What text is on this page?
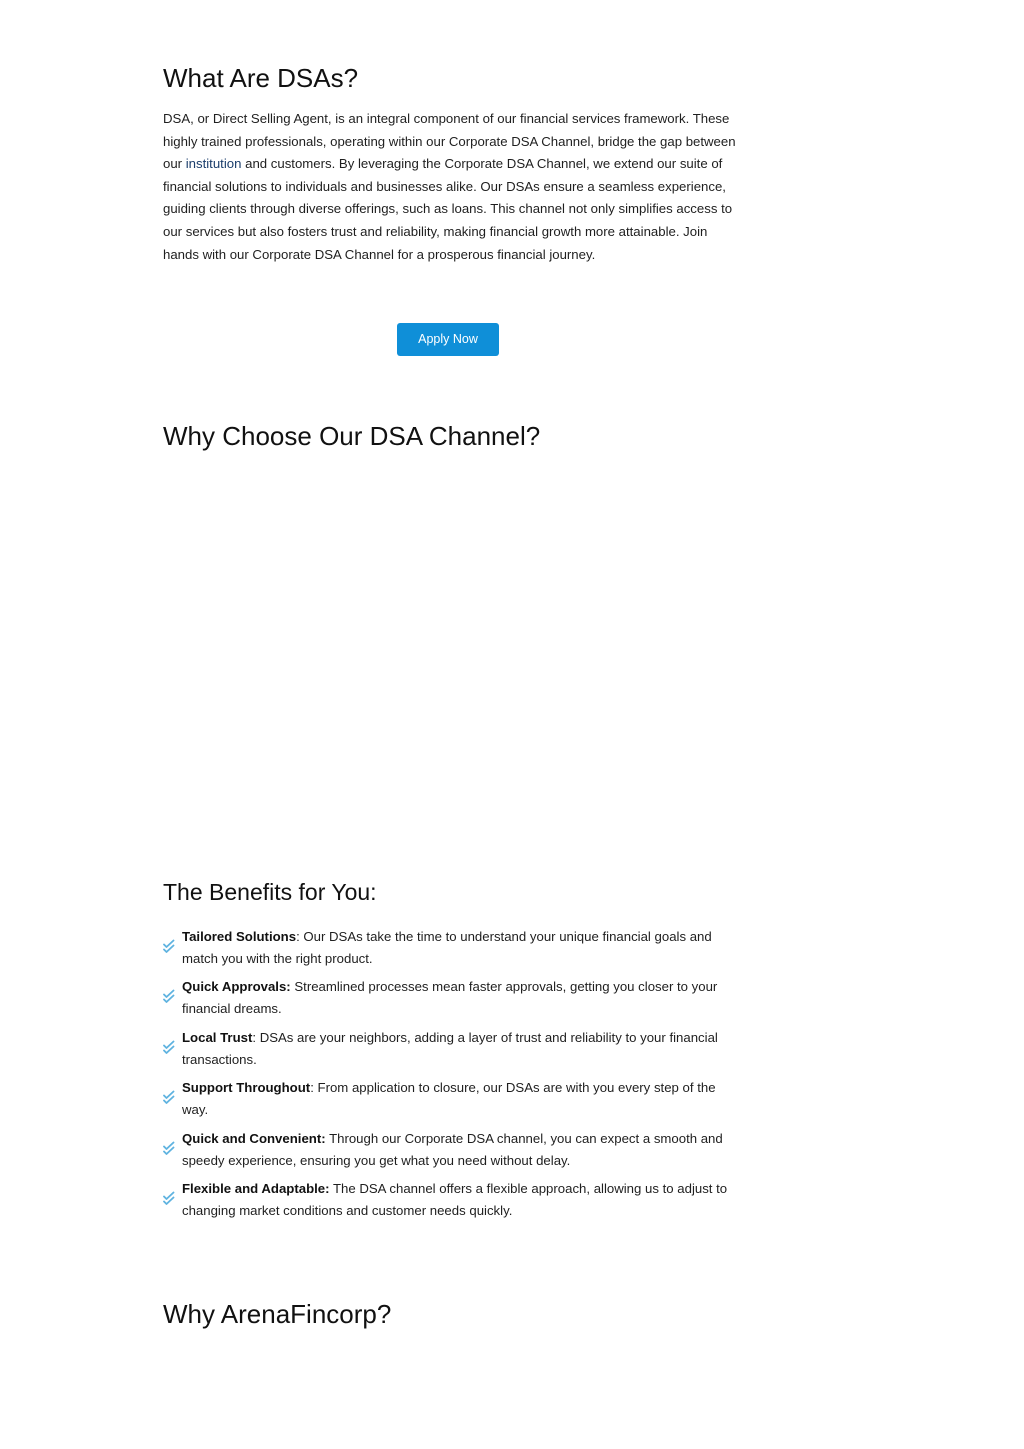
What Are DSAs?

DSA, or Direct Selling Agent, is an integral component of our financial services framework. These highly trained professionals, operating within our Corporate DSA Channel, bridge the gap between our institution and customers. By leveraging the Corporate DSA Channel, we extend our suite of financial solutions to individuals and businesses alike. Our DSAs ensure a seamless experience, guiding clients through diverse offerings, such as loans. This channel not only simplifies access to our services but also fosters trust and reliability, making financial growth more attainable. Join hands with our Corporate DSA Channel for a prosperous financial journey.

Apply Now
Why Choose Our DSA Channel?
The Benefits for You:
Tailored Solutions: Our DSAs take the time to understand your unique financial goals and match you with the right product.
Quick Approvals: Streamlined processes mean faster approvals, getting you closer to your financial dreams.
Local Trust: DSAs are your neighbors, adding a layer of trust and reliability to your financial transactions.
Support Throughout: From application to closure, our DSAs are with you every step of the way.
Quick and Convenient: Through our Corporate DSA channel, you can expect a smooth and speedy experience, ensuring you get what you need without delay.
Flexible and Adaptable: The DSA channel offers a flexible approach, allowing us to adjust to changing market conditions and customer needs quickly.
Why ArenaFincorp?
